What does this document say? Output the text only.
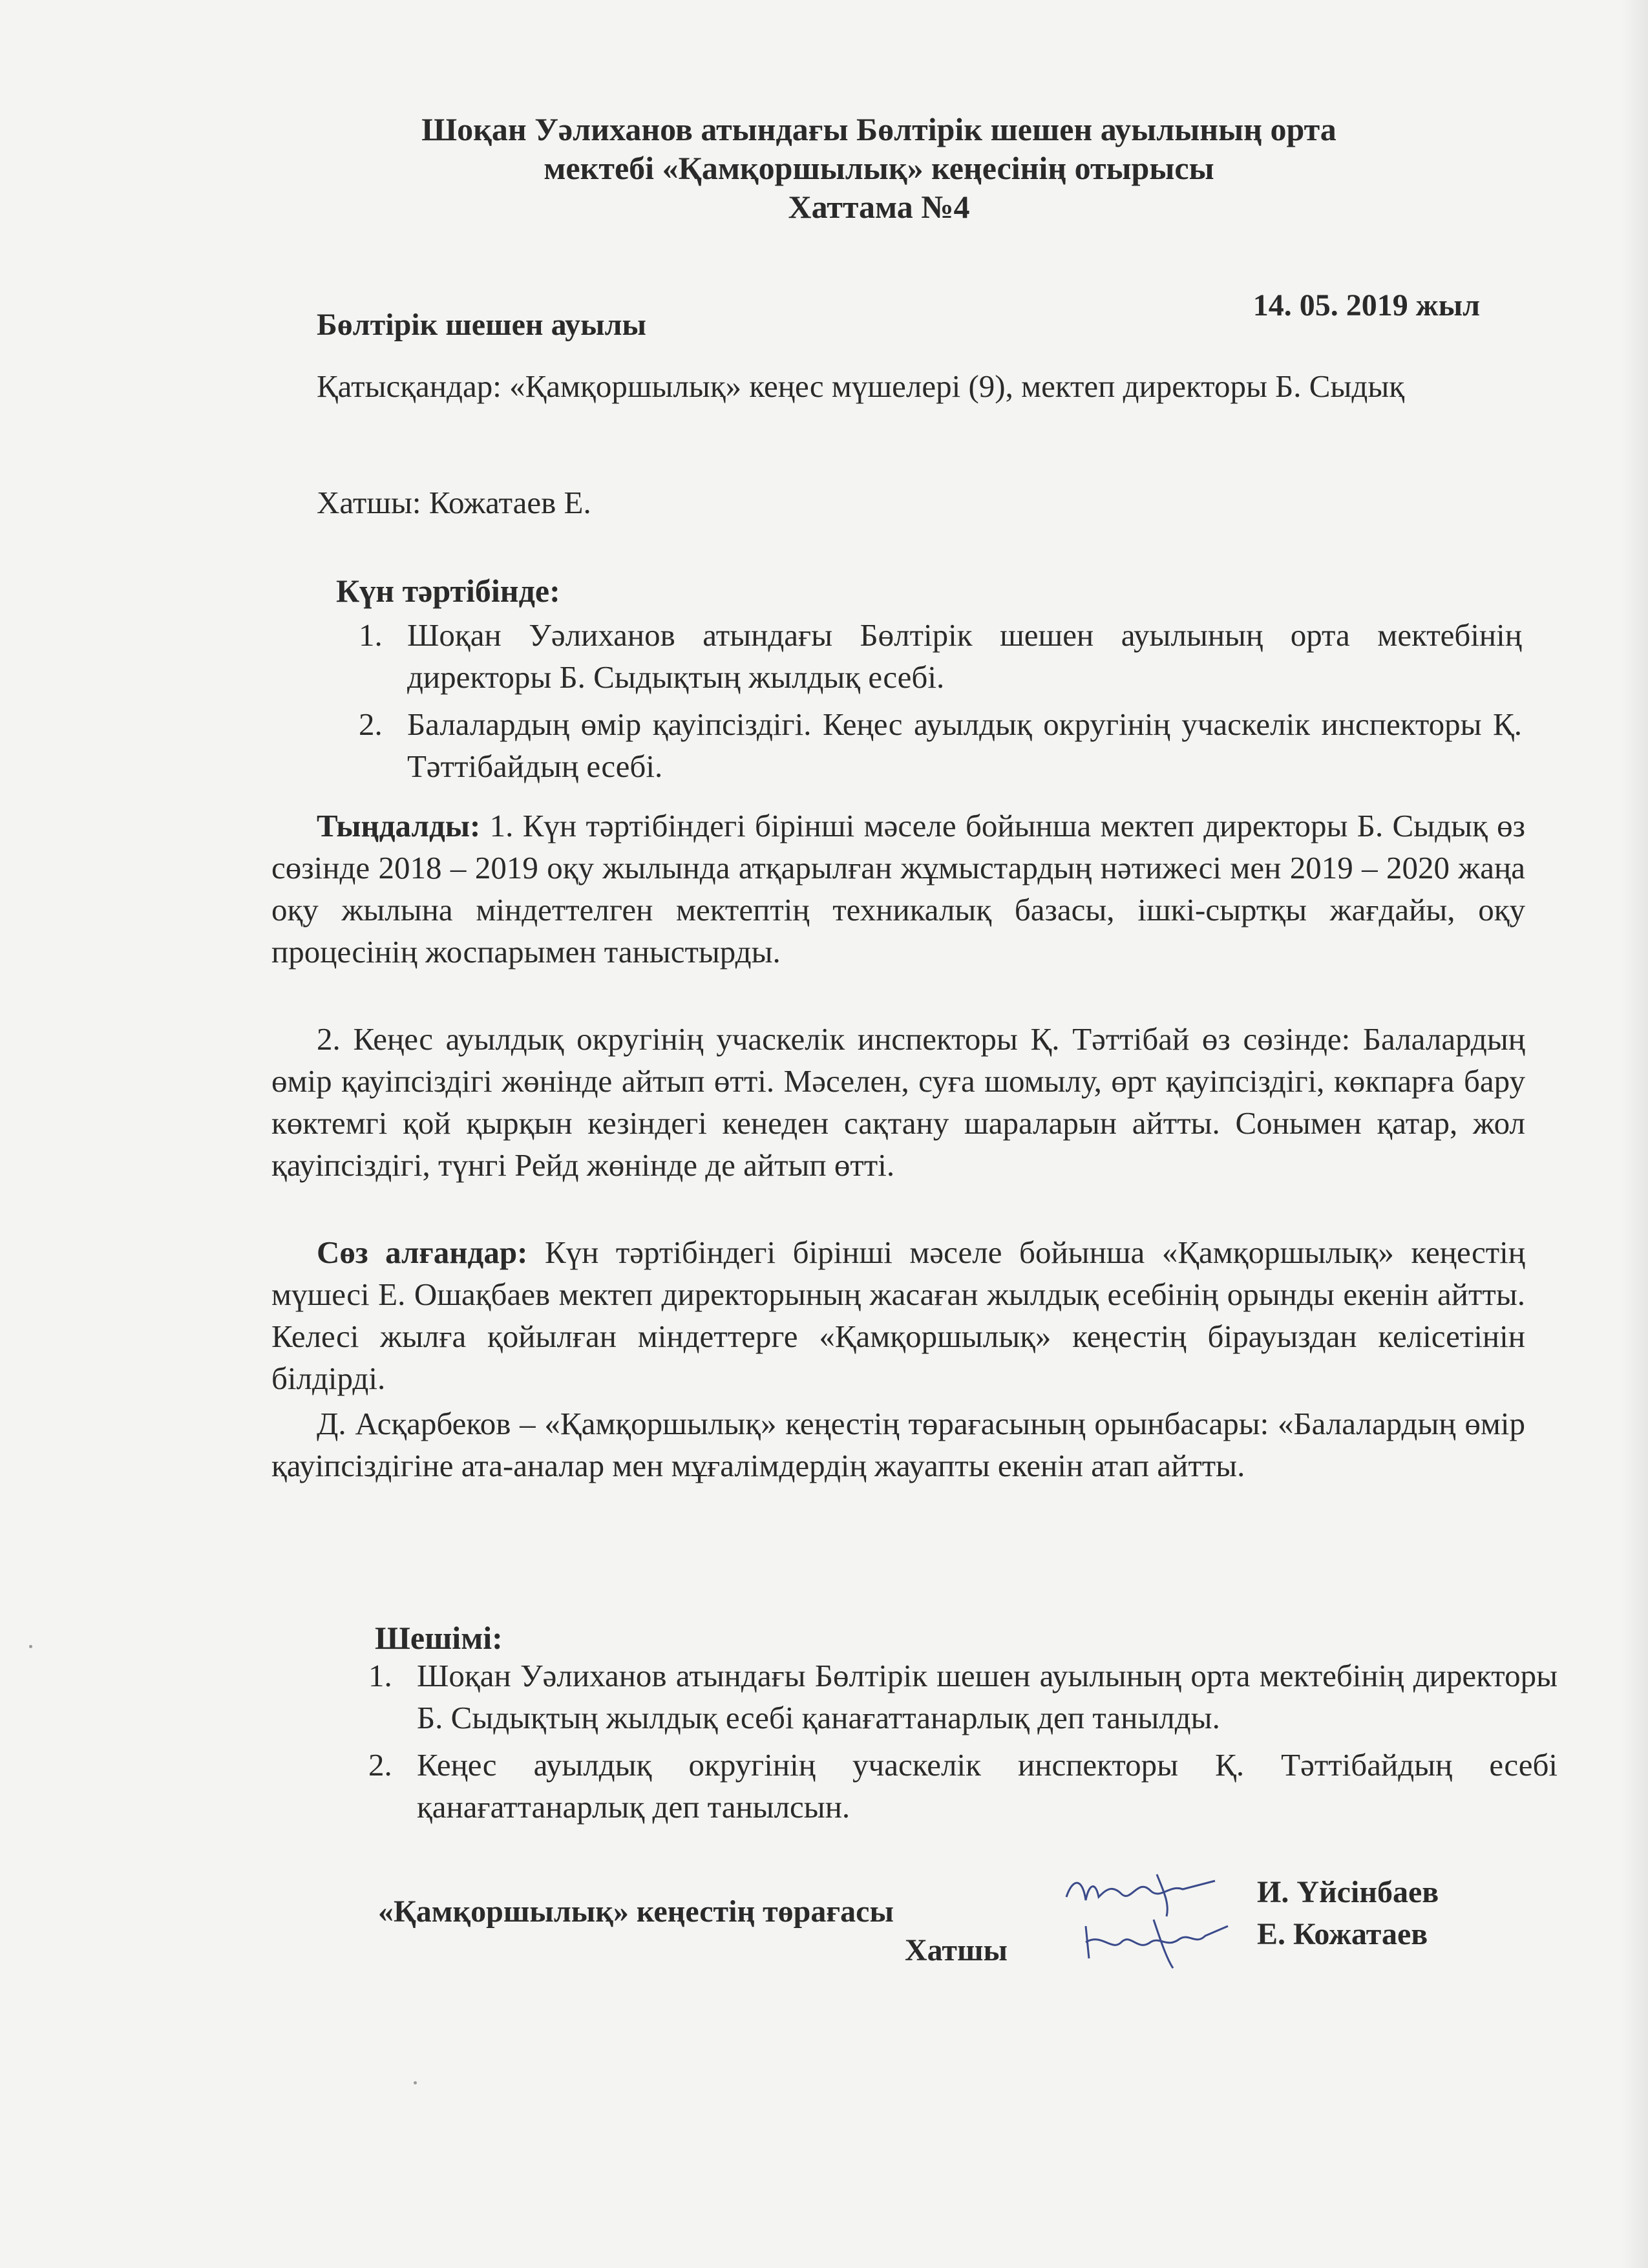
Шоқан Уәлиханов атындағы Бөлтірік шешен ауылының орта
мектебі «Қамқоршылық» кеңесінің отырысы
Хаттама №4
Бөлтірік шешен ауылы
14. 05. 2019 жыл
Қатысқандар: «Қамқоршылық» кеңес мүшелері (9), мектеп директоры Б. Сыдық
Хатшы: Кожатаев Е.
Күн тәртібінде:
1. Шоқан Уәлиханов атындағы Бөлтірік шешен ауылының орта мектебінің директоры Б. Сыдықтың жылдық есебі.
2. Балалардың өмір қауіпсіздігі. Кеңес ауылдық округінің учаскелік инспекторы Қ. Тәттібайдың есебі.
Тыңдалды: 1. Күн тәртібіндегі бірінші мәселе бойынша мектеп директоры Б. Сыдық өз сөзінде 2018 – 2019 оқу жылында атқарылған жұмыстардың нәтижесі мен 2019 – 2020 жаңа оқу жылына міндеттелген мектептің техникалық базасы, ішкі-сыртқы жағдайы, оқу процесінің жоспарымен таныстырды.
2. Кеңес ауылдық округінің учаскелік инспекторы Қ. Тәттібай өз сөзінде: Балалардың өмір қауіпсіздігі жөнінде айтып өтті. Мәселен, суға шомылу, өрт қауіпсіздігі, көкпарға бару көктемгі қой қырқын кезіндегі кенеден сақтану шараларын айтты. Сонымен қатар, жол қауіпсіздігі, түнгі Рейд жөнінде де айтып өтті.
Сөз алғандар: Күн тәртібіндегі бірінші мәселе бойынша «Қамқоршылық» кеңестің мүшесі Е. Ошақбаев мектеп директорының жасаған жылдық есебінің орынды екенін айтты. Келесі жылға қойылған міндеттерге «Қамқоршылық» кеңестің бірауыздан келісетінін білдірді.
Д. Асқарбеков – «Қамқоршылық» кеңестің төрағасының орынбасары: «Балалардың өмір қауіпсіздігіне ата-аналар мен мұғалімдердің жауапты екенін атап айтты.
Шешімі:
1. Шоқан Уәлиханов атындағы Бөлтірік шешен ауылының орта мектебінің директоры Б. Сыдықтың жылдық есебі қанағаттанарлық деп танылды.
2. Кеңес ауылдық округінің учаскелік инспекторы Қ. Тәттібайдың есебі қанағаттанарлық деп танылсын.
«Қамқоршылық» кеңестің төрағасы
Хатшы
И. Үйсінбаев
Е. Кожатаев
